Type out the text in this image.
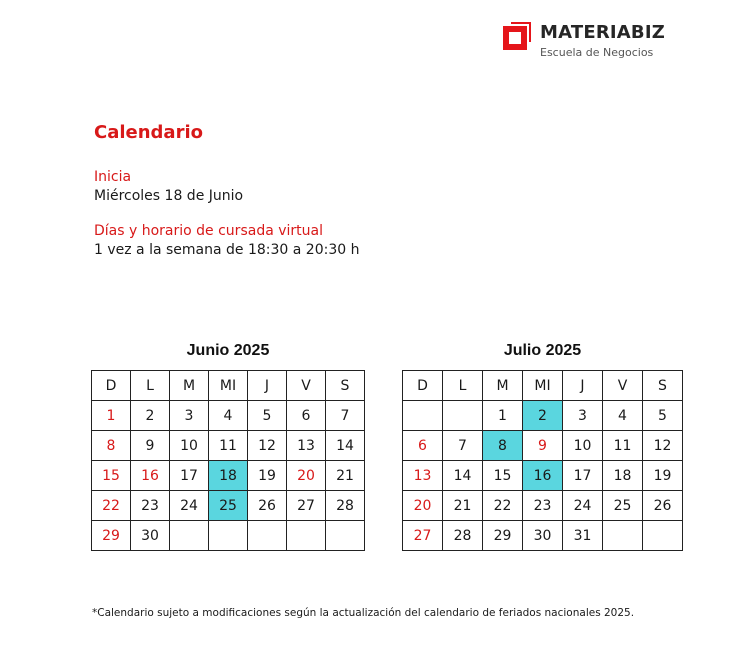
MATERIABIZ
Escuela de Negocios
Calendario
Inicia
Miércoles 18 de Junio
Días y horario de cursada virtual
1 vez a la semana de 18:30 a 20:30 h
Junio 2025
D	L	M	MI	J	V	S
1	2	3	4	5	6	7
8	9	10	11	12	13	14
15	16	17	18	19	20	21
22	23	24	25	26	27	28
29	30					
Julio 2025
D	L	M	MI	J	V	S
		1	2	3	4	5
6	7	8	9	10	11	12
13	14	15	16	17	18	19
20	21	22	23	24	25	26
27	28	29	30	31		
*Calendario sujeto a modificaciones según la actualización del calendario de feriados nacionales 2025.
